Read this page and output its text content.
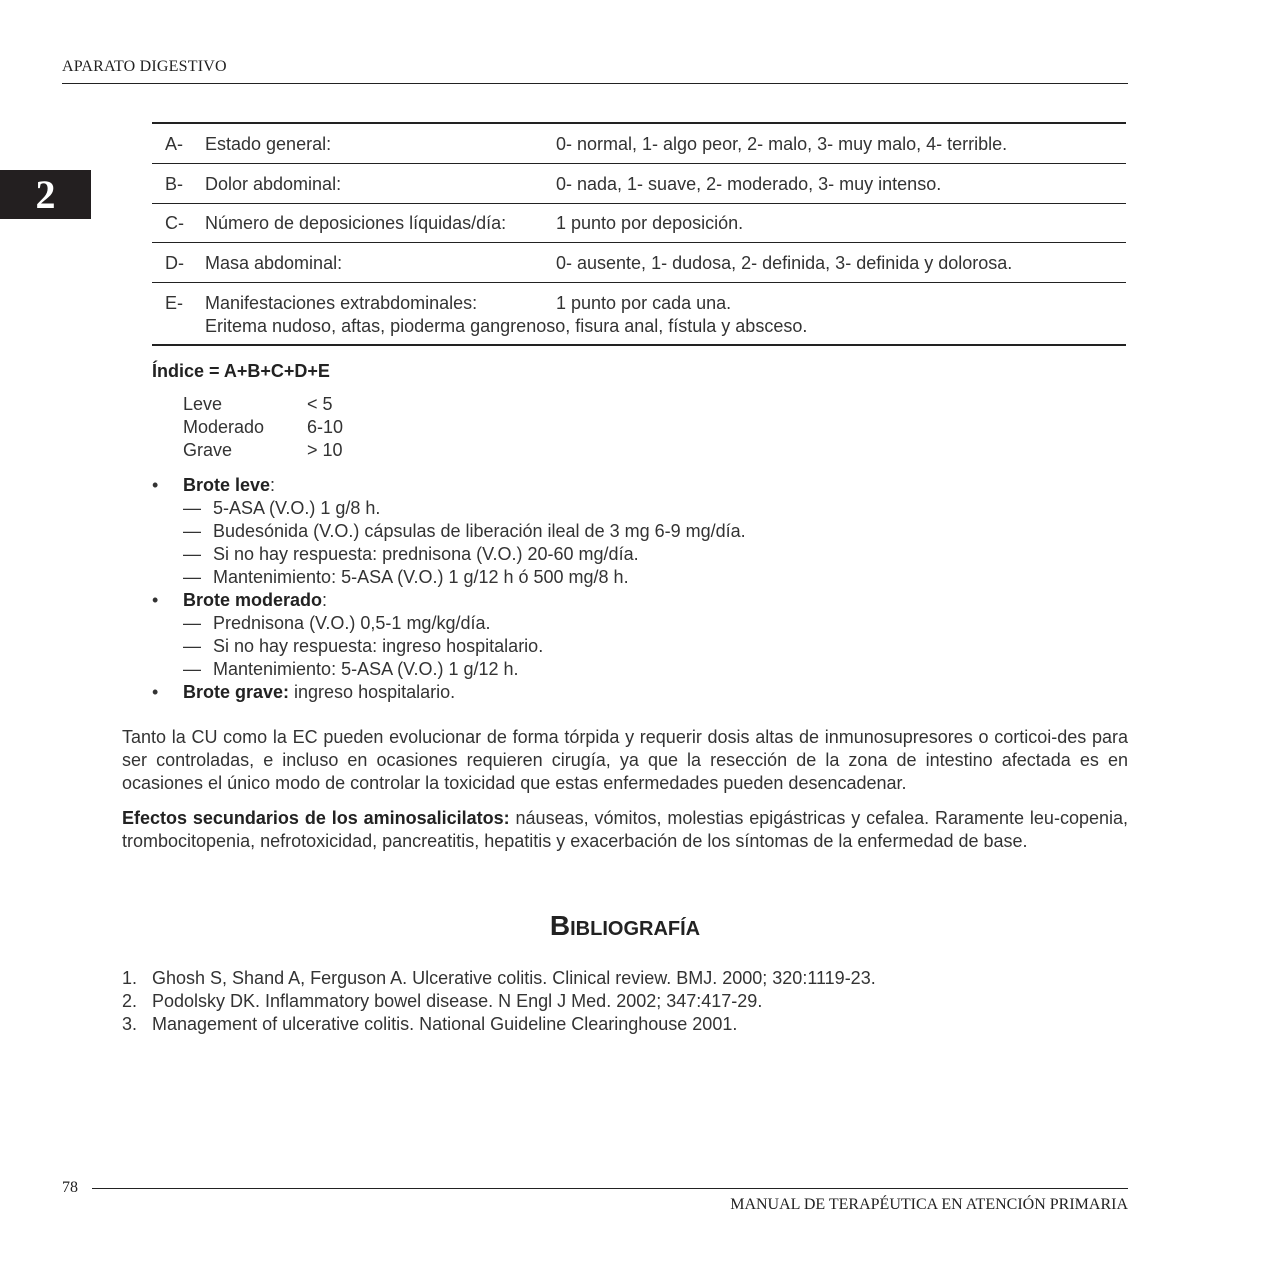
APARATO DIGESTIVO
2
A- Estado general:	0- normal, 1- algo peor, 2- malo, 3- muy malo, 4- terrible.
B- Dolor abdominal:	0- nada, 1- suave, 2- moderado, 3- muy intenso.
C- Número de deposiciones líquidas/día:	1 punto por deposición.
D- Masa abdominal:	0- ausente, 1- dudosa, 2- definida, 3- definida y dolorosa.
E- Manifestaciones extrabdominales:	1 punto por cada una.
Eritema nudoso, aftas, pioderma gangrenoso, fisura anal, fístula y absceso.
Índice = A+B+C+D+E
Leve	< 5
Moderado 6-10
Grave	> 10
• Brote leve:
— 5-ASA (V.O.) 1 g/8 h.
— Budesónida (V.O.) cápsulas de liberación ileal de 3 mg 6-9 mg/día.
— Si no hay respuesta: prednisona (V.O.) 20-60 mg/día.
— Mantenimiento: 5-ASA (V.O.) 1 g/12 h ó 500 mg/8 h.
• Brote moderado:
— Prednisona (V.O.) 0,5-1 mg/kg/día.
— Si no hay respuesta: ingreso hospitalario.
— Mantenimiento: 5-ASA (V.O.) 1 g/12 h.
• Brote grave: ingreso hospitalario.
Tanto la CU como la EC pueden evolucionar de forma tórpida y requerir dosis altas de inmunosupresores o corticoi-des para ser controladas, e incluso en ocasiones requieren cirugía, ya que la resección de la zona de intestino afectada es en ocasiones el único modo de controlar la toxicidad que estas enfermedades pueden desencadenar.
Efectos secundarios de los aminosalicilatos: náuseas, vómitos, molestias epigástricas y cefalea. Raramente leu-copenia, trombocitopenia, nefrotoxicidad, pancreatitis, hepatitis y exacerbación de los síntomas de la enfermedad de base.
Bibliografía
1. Ghosh S, Shand A, Ferguson A. Ulcerative colitis. Clinical review. BMJ. 2000; 320:1119-23.
2. Podolsky DK. Inflammatory bowel disease. N Engl J Med. 2002; 347:417-29.
3. Management of ulcerative colitis. National Guideline Clearinghouse 2001.
78
MANUAL DE TERAPÉUTICA EN ATENCIÓN PRIMARIA
